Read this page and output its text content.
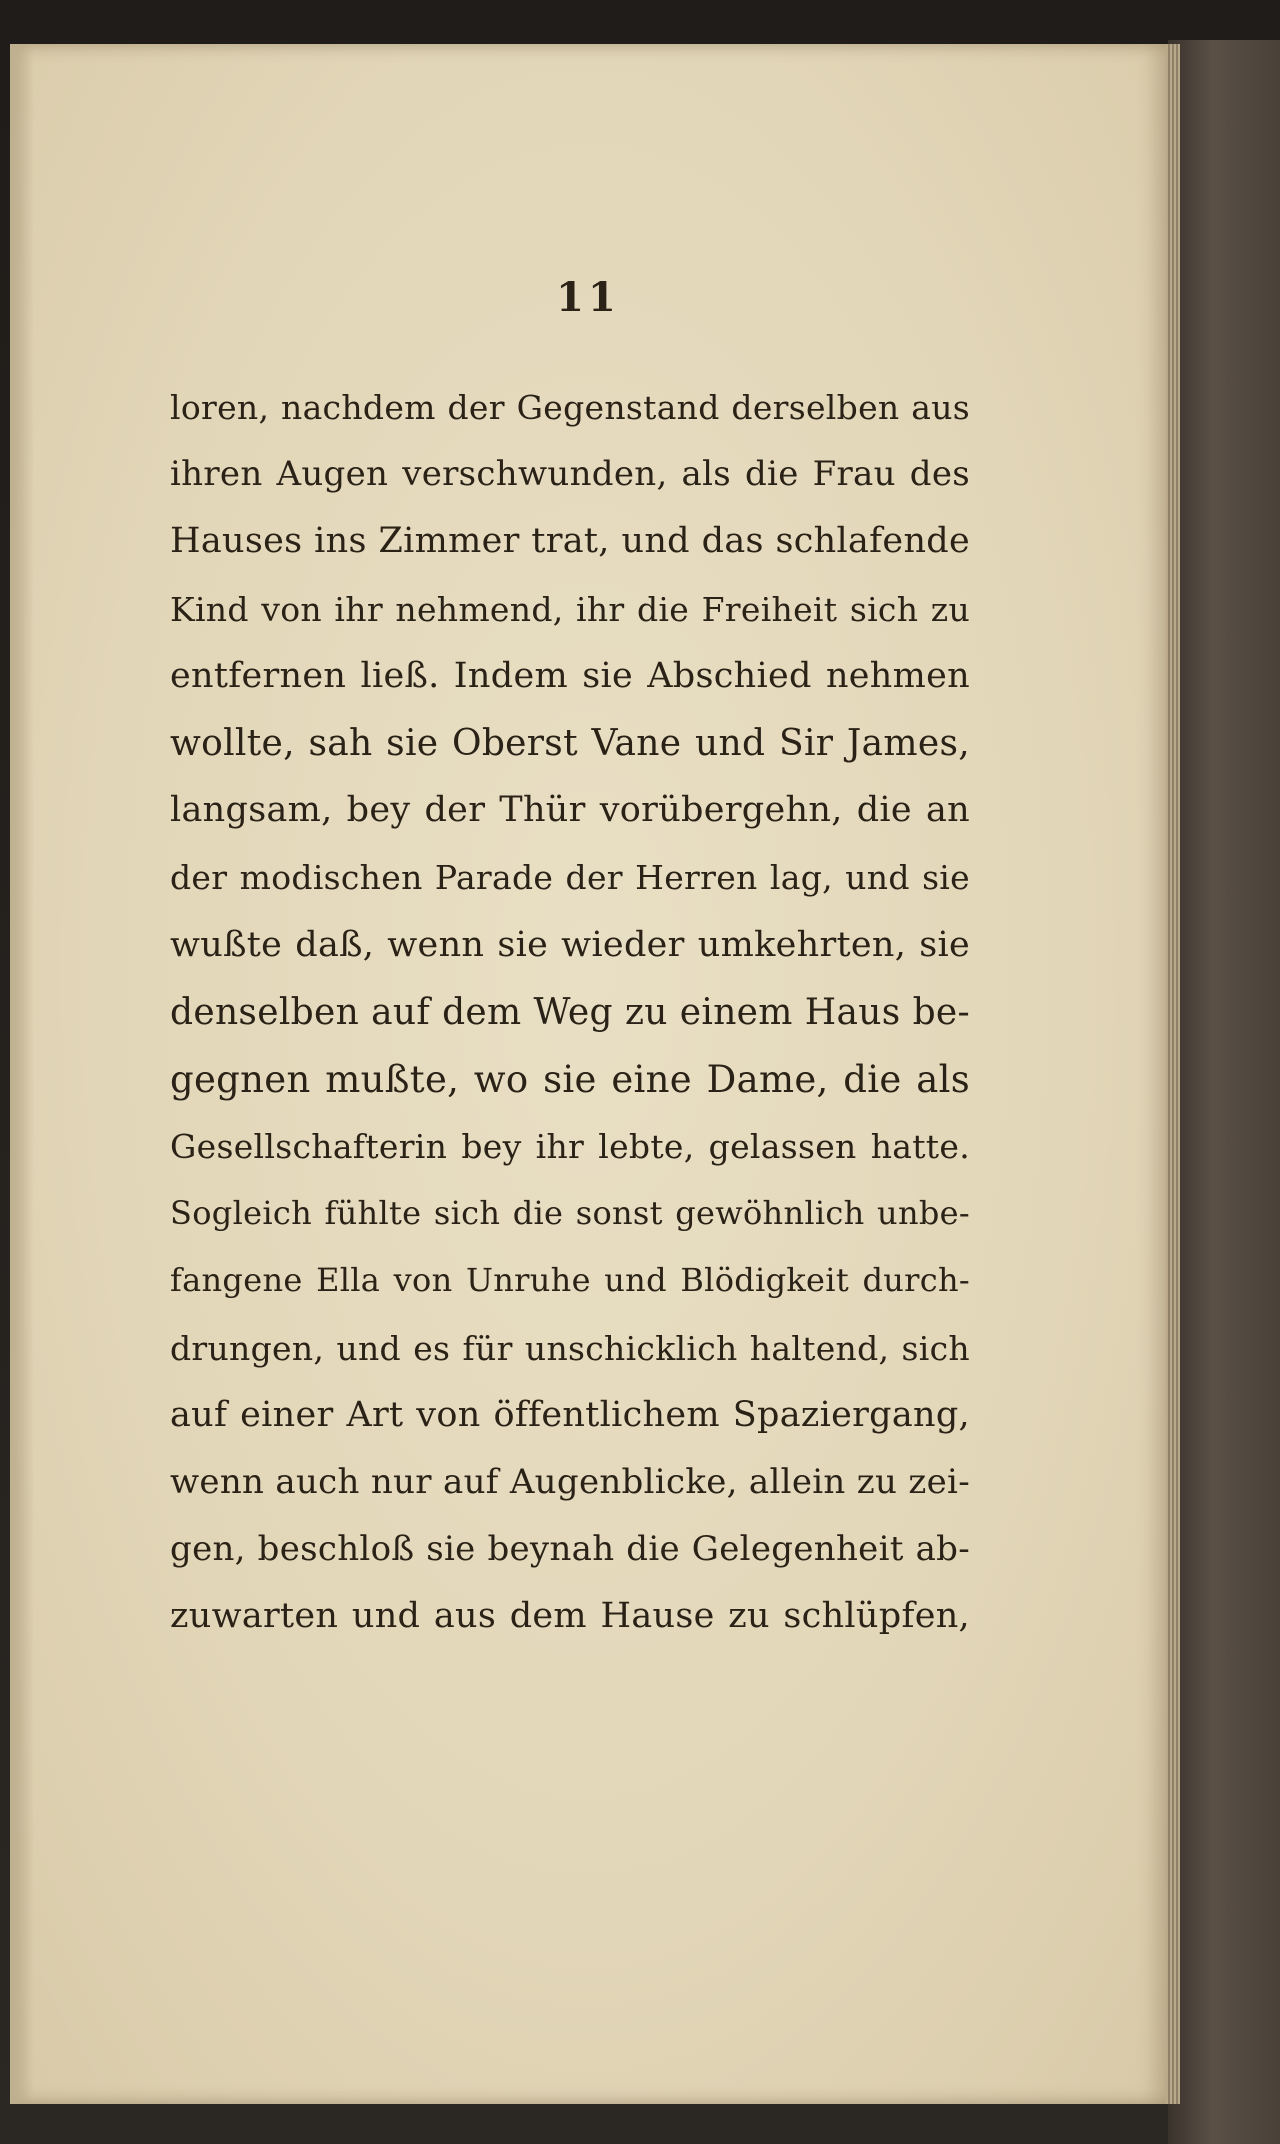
11
loren, nachdem der Gegenstand derselben aus
ihren Augen verschwunden, als die Frau des
Hauses ins Zimmer trat, und das schlafende
Kind von ihr nehmend, ihr die Freiheit sich zu
entfernen ließ. Indem sie Abschied nehmen
wollte, sah sie Oberst Vane und Sir James,
langsam, bey der Thür vorübergehn, die an
der modischen Parade der Herren lag, und sie
wußte daß, wenn sie wieder umkehrten, sie
denselben auf dem Weg zu einem Haus be-
gegnen mußte, wo sie eine Dame, die als
Gesellschafterin bey ihr lebte, gelassen hatte.
Sogleich fühlte sich die sonst gewöhnlich unbe-
fangene Ella von Unruhe und Blödigkeit durch-
drungen, und es für unschicklich haltend, sich
auf einer Art von öffentlichem Spaziergang,
wenn auch nur auf Augenblicke, allein zu zei-
gen, beschloß sie beynah die Gelegenheit ab-
zuwarten und aus dem Hause zu schlüpfen,
